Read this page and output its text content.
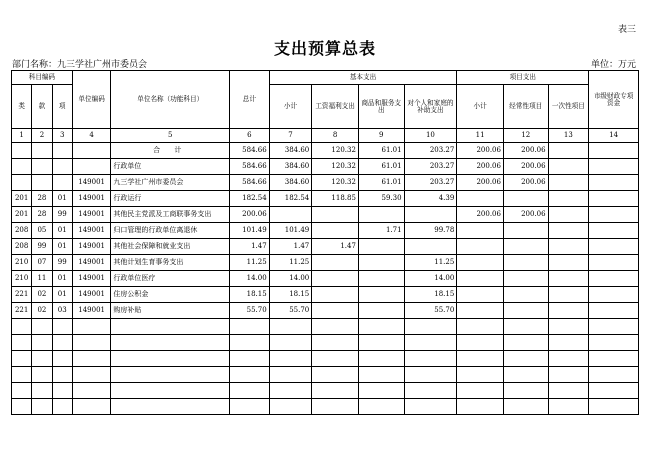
表三
支出预算总表
部门名称：九三学社广州市委员会	单位：万元
科目编码			单位编码	单位名称（功能科目）	总计	基本支出				项目支出			市级财政专项资金
类	款	项				小计	工资福利支出	商品和服务支出	对个人和家庭的补助支出	小计	经常性项目	一次性项目	
1	2	3	4	5	6	7	8	9	10	11	12	13	14
				合 计	584.66	384.60	120.32	61.01	203.27	200.06	200.06		
				行政单位	584.66	384.60	120.32	61.01	203.27	200.06	200.06		
			149001	九三学社广州市委员会	584.66	384.60	120.32	61.01	203.27	200.06	200.06		
201	28	01	149001	行政运行	182.54	182.54	118.85	59.30	4.39				
201	28	99	149001	其他民主党派及工商联事务支出	200.06					200.06	200.06		
208	05	01	149001	归口管理的行政单位离退休	101.49	101.49		1.71	99.78				
208	99	01	149001	其他社会保障和就业支出	1.47	1.47	1.47						
210	07	99	149001	其他计划生育事务支出	11.25	11.25			11.25				
210	11	01	149001	行政单位医疗	14.00	14.00			14.00				
221	02	01	149001	住房公积金	18.15	18.15			18.15				
221	02	03	149001	购房补贴	55.70	55.70			55.70				
